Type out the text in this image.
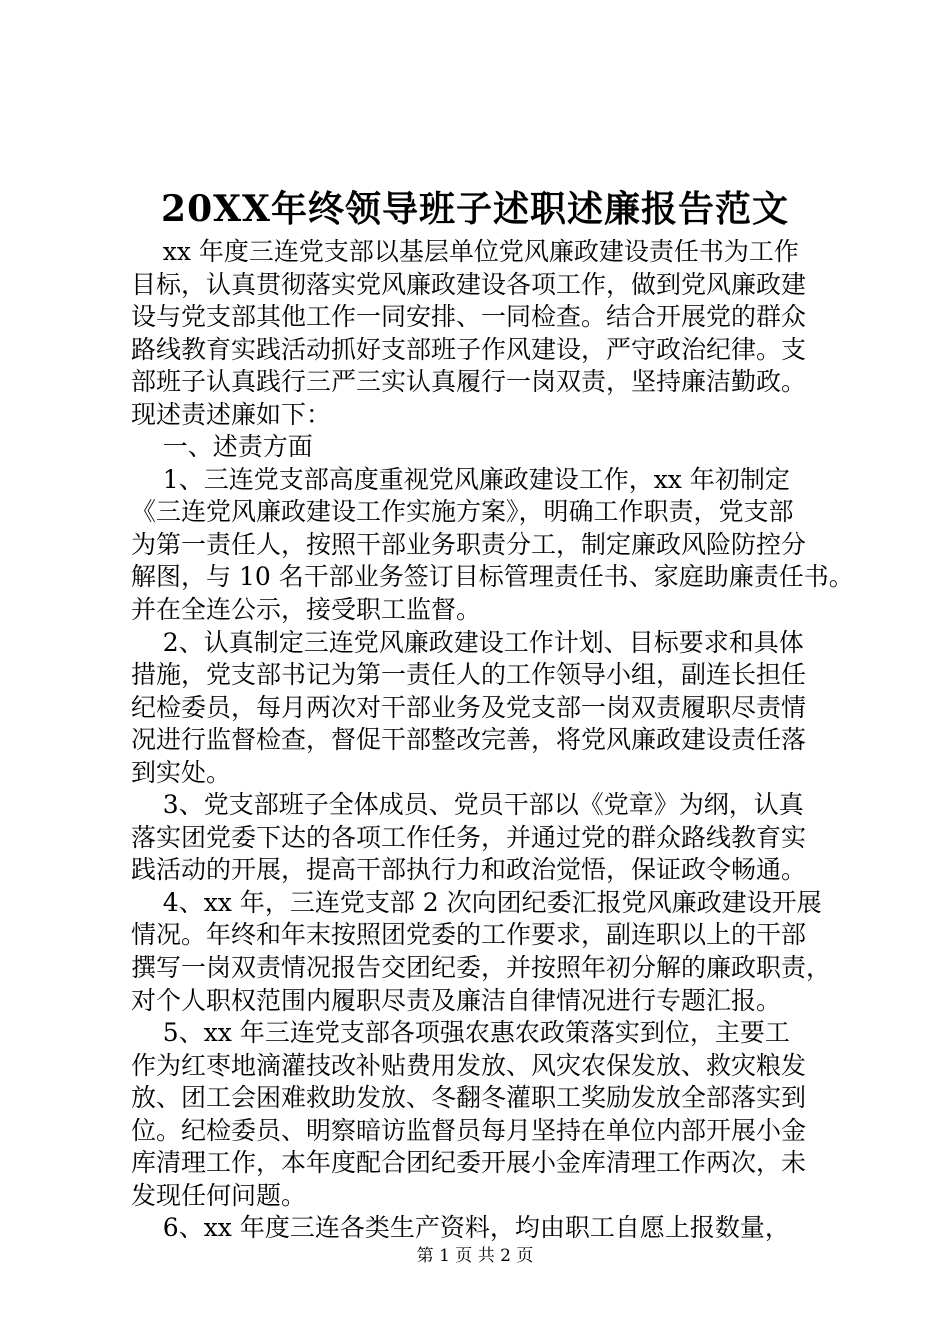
20XX年终领导班子述职述廉报告范文
xx 年度三连党支部以基层单位党风廉政建设责任书为工作
目标，认真贯彻落实党风廉政建设各项工作，做到党风廉政建
设与党支部其他工作一同安排、一同检查。结合开展党的群众
路线教育实践活动抓好支部班子作风建设，严守政治纪律。支
部班子认真践行三严三实认真履行一岗双责，坚持廉洁勤政。
现述责述廉如下：
一、述责方面
1、三连党支部高度重视党风廉政建设工作，xx 年初制定
《三连党风廉政建设工作实施方案》，明确工作职责，党支部
为第一责任人，按照干部业务职责分工，制定廉政风险防控分
解图，与 10 名干部业务签订目标管理责任书、家庭助廉责任书。
并在全连公示，接受职工监督。
2、认真制定三连党风廉政建设工作计划、目标要求和具体
措施，党支部书记为第一责任人的工作领导小组，副连长担任
纪检委员，每月两次对干部业务及党支部一岗双责履职尽责情
况进行监督检查，督促干部整改完善，将党风廉政建设责任落
到实处。
3、党支部班子全体成员、党员干部以《党章》为纲，认真
落实团党委下达的各项工作任务，并通过党的群众路线教育实
践活动的开展，提高干部执行力和政治觉悟，保证政令畅通。
4、xx 年，三连党支部 2 次向团纪委汇报党风廉政建设开展
情况。年终和年末按照团党委的工作要求，副连职以上的干部
撰写一岗双责情况报告交团纪委，并按照年初分解的廉政职责，
对个人职权范围内履职尽责及廉洁自律情况进行专题汇报。
5、xx 年三连党支部各项强农惠农政策落实到位，主要工
作为红枣地滴灌技改补贴费用发放、风灾农保发放、救灾粮发
放、团工会困难救助发放、冬翻冬灌职工奖励发放全部落实到
位。纪检委员、明察暗访监督员每月坚持在单位内部开展小金
库清理工作，本年度配合团纪委开展小金库清理工作两次，未
发现任何问题。
6、xx 年度三连各类生产资料，均由职工自愿上报数量，
第 1 页 共 2 页
